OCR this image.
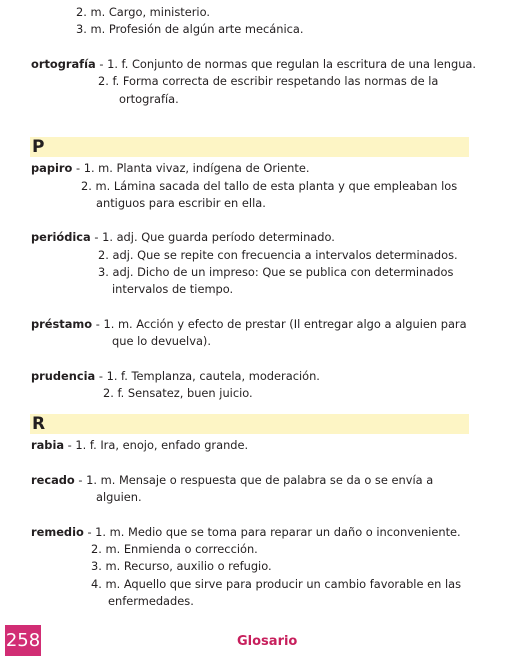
2. m. Cargo, ministerio.
3. m. Profesión de algún arte mecánica.
ortografía - 1. f. Conjunto de normas que regulan la escritura de una lengua.
2. f. Forma correcta de escribir respetando las normas de la
ortografía.
P
papiro - 1. m. Planta vivaz, indígena de Oriente.
2. m. Lámina sacada del tallo de esta planta y que empleaban los
antiguos para escribir en ella.
periódica - 1. adj. Que guarda período determinado.
2. adj. Que se repite con frecuencia a intervalos determinados.
3. adj. Dicho de un impreso: Que se publica con determinados
intervalos de tiempo.
préstamo - 1. m. Acción y efecto de prestar (Il entregar algo a alguien para
que lo devuelva).
prudencia - 1. f. Templanza, cautela, moderación.
2. f. Sensatez, buen juicio.
R
rabia - 1. f. Ira, enojo, enfado grande.
recado - 1. m. Mensaje o respuesta que de palabra se da o se envía a
alguien.
remedio - 1. m. Medio que se toma para reparar un daño o inconveniente.
2. m. Enmienda o corrección.
3. m. Recurso, auxilio o refugio.
4. m. Aquello que sirve para producir un cambio favorable en las
enfermedades.
258	Glosario
